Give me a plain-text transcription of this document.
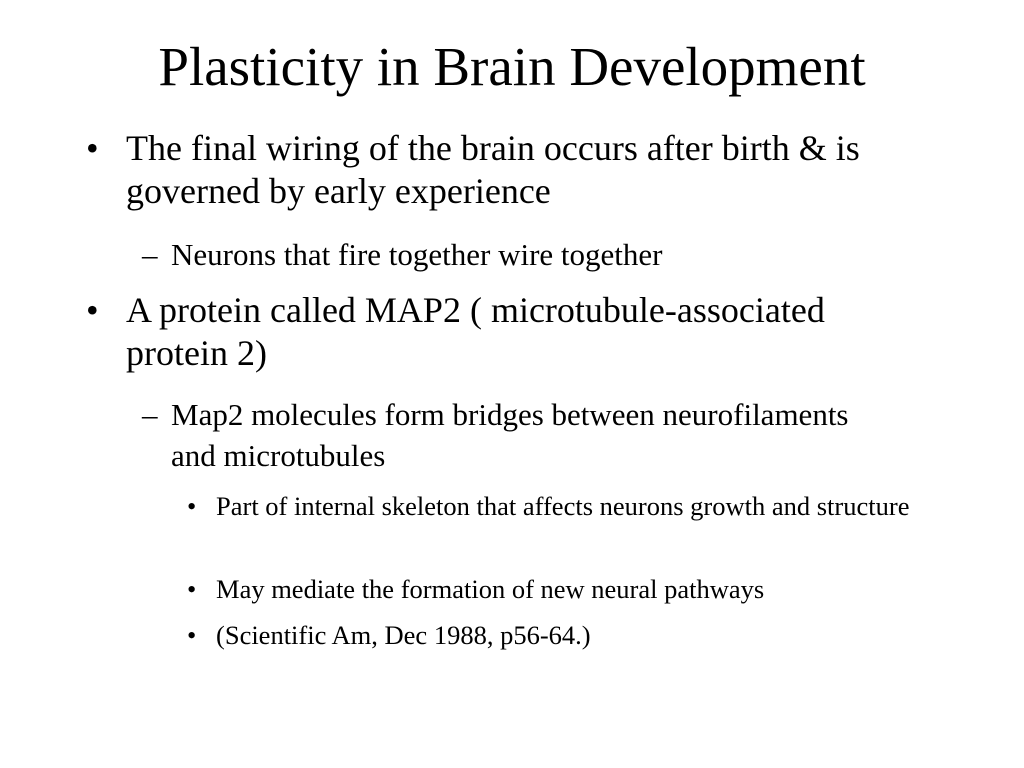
Plasticity in Brain Development
• The final wiring of the brain occurs after birth & is governed by early experience
– Neurons that fire together wire together
• A protein called MAP2 ( microtubule-associated protein 2)
– Map2 molecules form bridges between neurofilaments and microtubules
• Part of internal skeleton that affects neurons growth and structure
• May mediate the formation of new neural pathways
• (Scientific Am, Dec 1988, p56-64.)
